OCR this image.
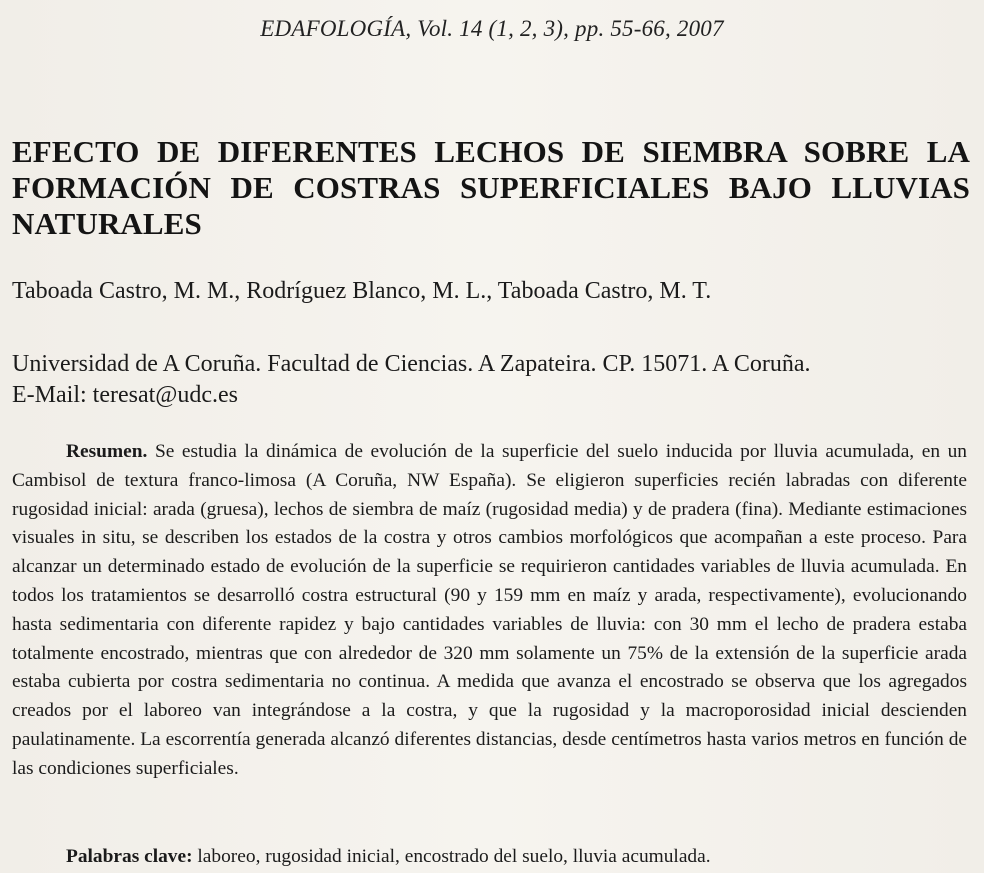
EDAFOLOGÍA, Vol. 14 (1, 2, 3), pp. 55-66, 2007
EFECTO DE DIFERENTES LECHOS DE SIEMBRA SOBRE LA FORMACIÓN DE COSTRAS SUPERFICIALES BAJO LLUVIAS NATURALES
Taboada Castro, M. M., Rodríguez Blanco, M. L., Taboada Castro, M. T.
Universidad de A Coruña. Facultad de Ciencias. A Zapateira. CP. 15071. A Coruña.
E-Mail: teresat@udc.es

Resumen. Se estudia la dinámica de evolución de la superficie del suelo inducida por lluvia acumulada, en un Cambisol de textura franco-limosa (A Coruña, NW España). Se eligieron superficies recién labradas con diferente rugosidad inicial: arada (gruesa), lechos de siembra de maíz (rugosidad media) y de pradera (fina). Mediante estimaciones visuales in situ, se describen los estados de la costra y otros cambios morfológicos que acompañan a este proceso. Para alcanzar un determinado estado de evolución de la superficie se requirieron cantidades variables de lluvia acumulada. En todos los tratamientos se desarrolló costra estructural (90 y 159 mm en maíz y arada, respectivamente), evolucionando hasta sedimentaria con diferente rapidez y bajo cantidades variables de lluvia: con 30 mm el lecho de pradera estaba totalmente encostrado, mientras que con alrededor de 320 mm solamente un 75% de la extensión de la superficie arada estaba cubierta por costra sedimentaria no continua. A medida que avanza el encostrado se observa que los agregados creados por el laboreo van integrándose a la costra, y que la rugosidad y la macroporosidad inicial descienden paulatinamente. La escorrentía generada alcanzó diferentes distancias, desde centímetros hasta varios metros en función de las condiciones superficiales.

Palabras clave: laboreo, rugosidad inicial, encostrado del suelo, lluvia acumulada.
